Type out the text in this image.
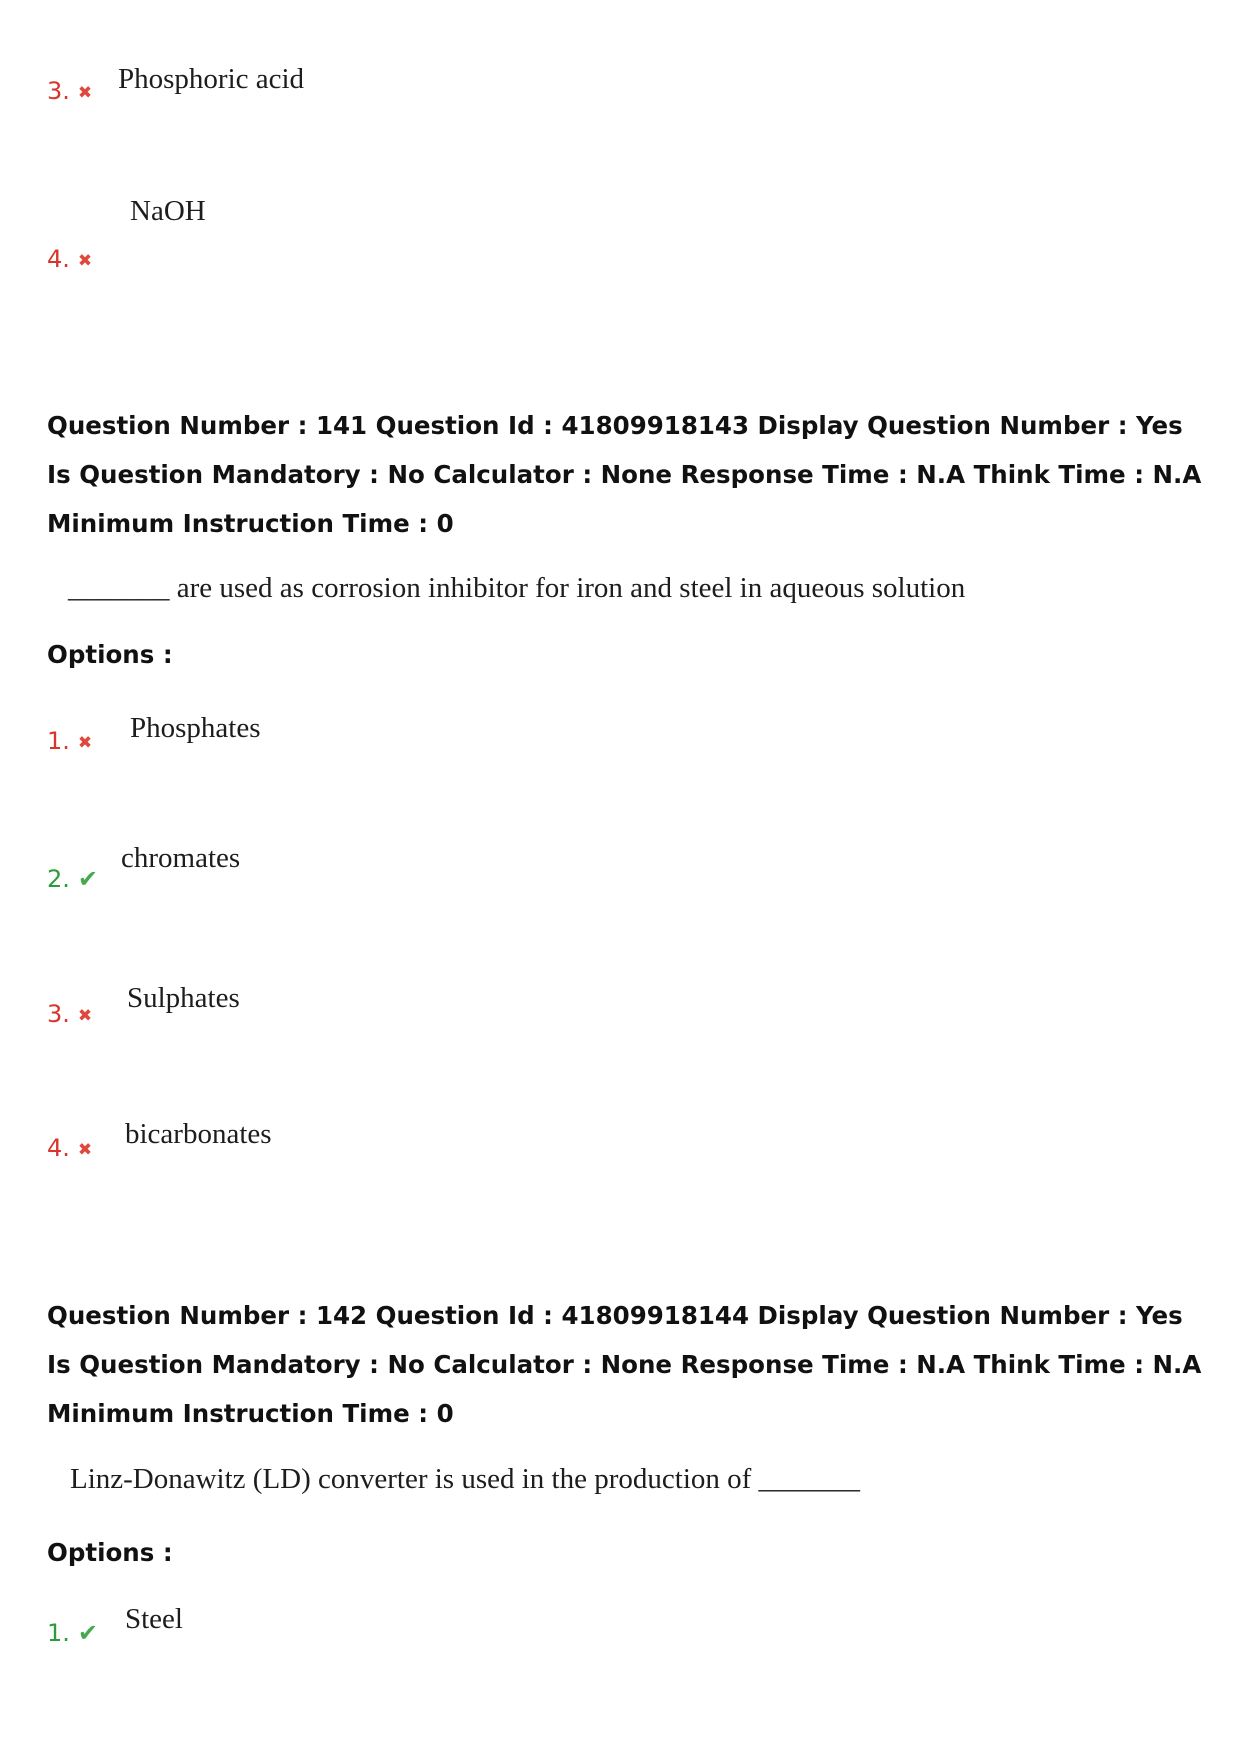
3. ✖ Phosphoric acid
4. ✖
NaOH
Question Number : 141 Question Id : 41809918143 Display Question Number : Yes Is Question Mandatory : No Calculator : None Response Time : N.A Think Time : N.A Minimum Instruction Time : 0
_______ are used as corrosion inhibitor for iron and steel in aqueous solution
Options :
1. ✖ Phosphates
2. ✔
chromates
3. ✖
Sulphates
4. ✖ bicarbonates
Question Number : 142 Question Id : 41809918144 Display Question Number : Yes Is Question Mandatory : No Calculator : None Response Time : N.A Think Time : N.A Minimum Instruction Time : 0
Linz-Donawitz (LD) converter is used in the production of _______
Options :
1. ✔ Steel
